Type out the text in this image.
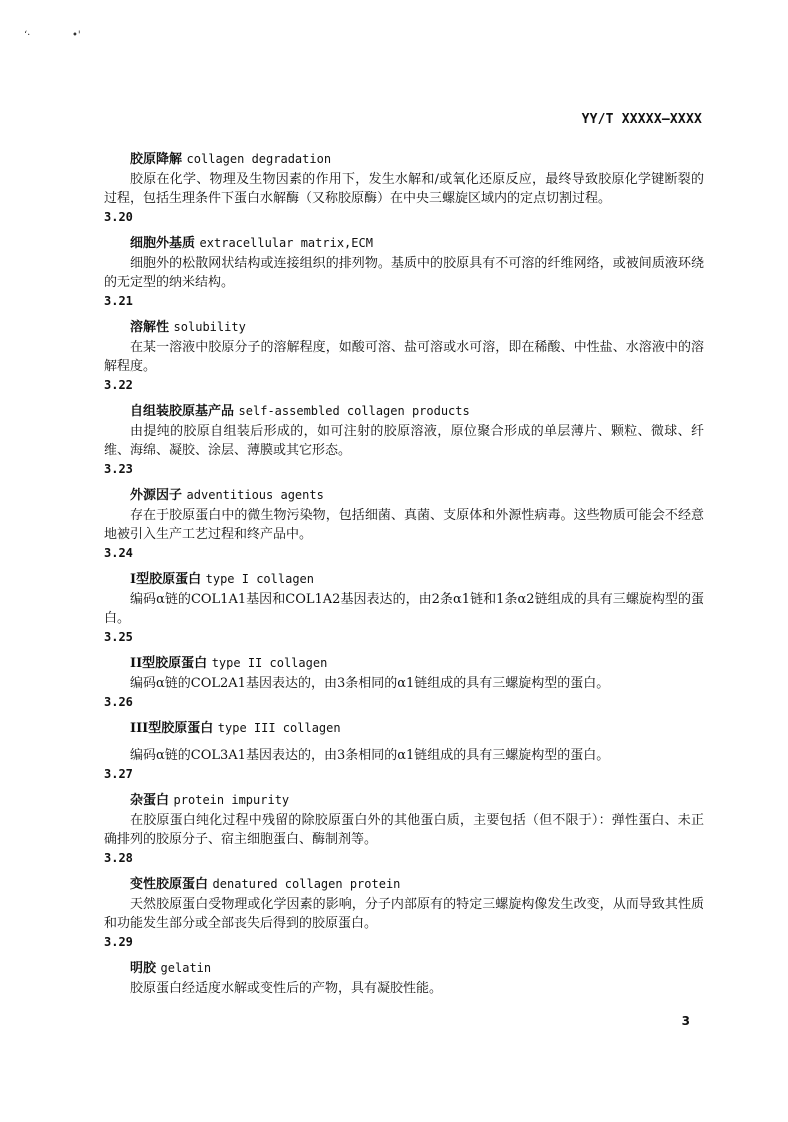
‘·	•'
YY/T XXXXX—XXXX
胶原降解 collagen degradation
胶原在化学、物理及生物因素的作用下，发生水解和/或氧化还原反应，最终导致胶原化学键断裂的过程，包括生理条件下蛋白水解酶（又称胶原酶）在中央三螺旋区域内的定点切割过程。
3.20
细胞外基质 extracellular matrix,ECM
细胞外的松散网状结构或连接组织的排列物。基质中的胶原具有不可溶的纤维网络，或被间质液环绕的无定型的纳米结构。
3.21
溶解性 solubility
在某一溶液中胶原分子的溶解程度，如酸可溶、盐可溶或水可溶，即在稀酸、中性盐、水溶液中的溶解程度。
3.22
自组装胶原基产品 self-assembled collagen products
由提纯的胶原自组装后形成的，如可注射的胶原溶液，原位聚合形成的单层薄片、颗粒、微球、纤维、海绵、凝胶、涂层、薄膜或其它形态。
3.23
外源因子 adventitious agents
存在于胶原蛋白中的微生物污染物，包括细菌、真菌、支原体和外源性病毒。这些物质可能会不经意地被引入生产工艺过程和终产品中。
3.24
I型胶原蛋白 type I collagen
编码α链的COL1A1基因和COL1A2基因表达的，由2条α1链和1条α2链组成的具有三螺旋构型的蛋白。
3.25
II型胶原蛋白 type II collagen
编码α链的COL2A1基因表达的，由3条相同的α1链组成的具有三螺旋构型的蛋白。
3.26
III型胶原蛋白 type III collagen
编码α链的COL3A1基因表达的，由3条相同的α1链组成的具有三螺旋构型的蛋白。
3.27
杂蛋白 protein impurity
在胶原蛋白纯化过程中残留的除胶原蛋白外的其他蛋白质，主要包括（但不限于）：弹性蛋白、未正确排列的胶原分子、宿主细胞蛋白、酶制剂等。
3.28
变性胶原蛋白 denatured collagen protein
天然胶原蛋白受物理或化学因素的影响，分子内部原有的特定三螺旋构像发生改变，从而导致其性质和功能发生部分或全部丧失后得到的胶原蛋白。
3.29
明胶 gelatin
胶原蛋白经适度水解或变性后的产物，具有凝胶性能。
3
